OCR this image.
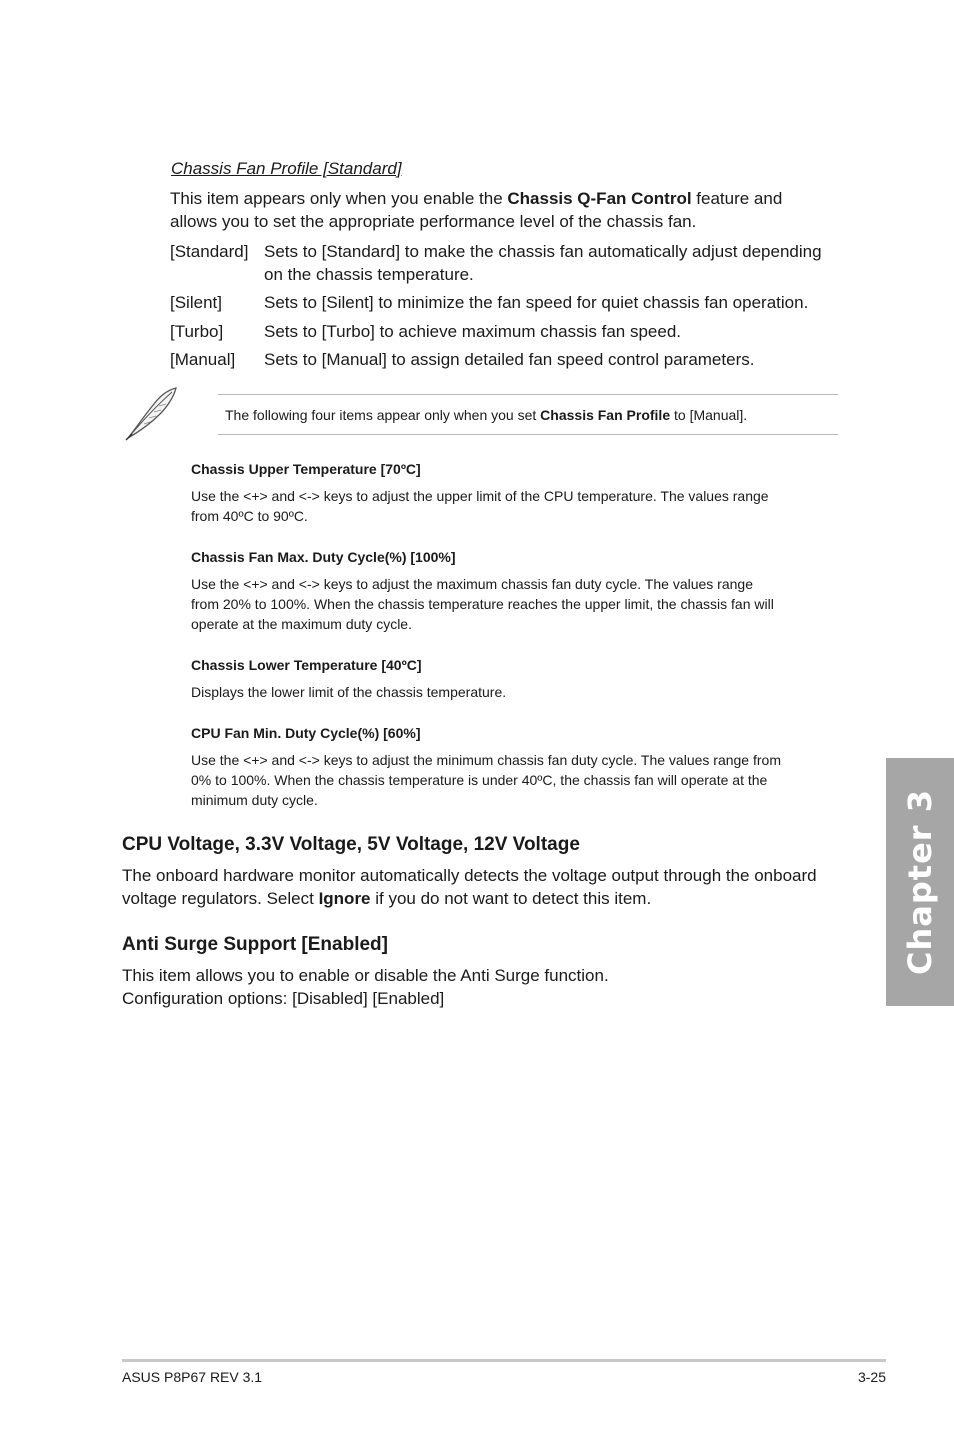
Chassis Fan Profile [Standard]
This item appears only when you enable the Chassis Q-Fan Control feature and
allows you to set the appropriate performance level of the chassis fan.
[Standard] Sets to [Standard] to make the chassis fan automatically adjust depending
on the chassis temperature.
[Silent] Sets to [Silent] to minimize the fan speed for quiet chassis fan operation.
[Turbo] Sets to [Turbo] to achieve maximum chassis fan speed.
[Manual] Sets to [Manual] to assign detailed fan speed control parameters.
The following four items appear only when you set Chassis Fan Profile to [Manual].
Chassis Upper Temperature [70ºC]
Use the <+> and <-> keys to adjust the upper limit of the CPU temperature. The values range
from 40ºC to 90ºC.
Chassis Fan Max. Duty Cycle(%) [100%]
Use the <+> and <-> keys to adjust the maximum chassis fan duty cycle. The values range
from 20% to 100%. When the chassis temperature reaches the upper limit, the chassis fan will
operate at the maximum duty cycle.
Chassis Lower Temperature [40ºC]
Displays the lower limit of the chassis temperature.
CPU Fan Min. Duty Cycle(%) [60%]
Use the <+> and <-> keys to adjust the minimum chassis fan duty cycle. The values range from
0% to 100%. When the chassis temperature is under 40ºC, the chassis fan will operate at the
minimum duty cycle.
CPU Voltage, 3.3V Voltage, 5V Voltage, 12V Voltage
The onboard hardware monitor automatically detects the voltage output through the onboard
voltage regulators. Select Ignore if you do not want to detect this item.
Anti Surge Support [Enabled]
This item allows you to enable or disable the Anti Surge function.
Configuration options: [Disabled] [Enabled]
Chapter 3
ASUS P8P67 REV 3.1	3-25
